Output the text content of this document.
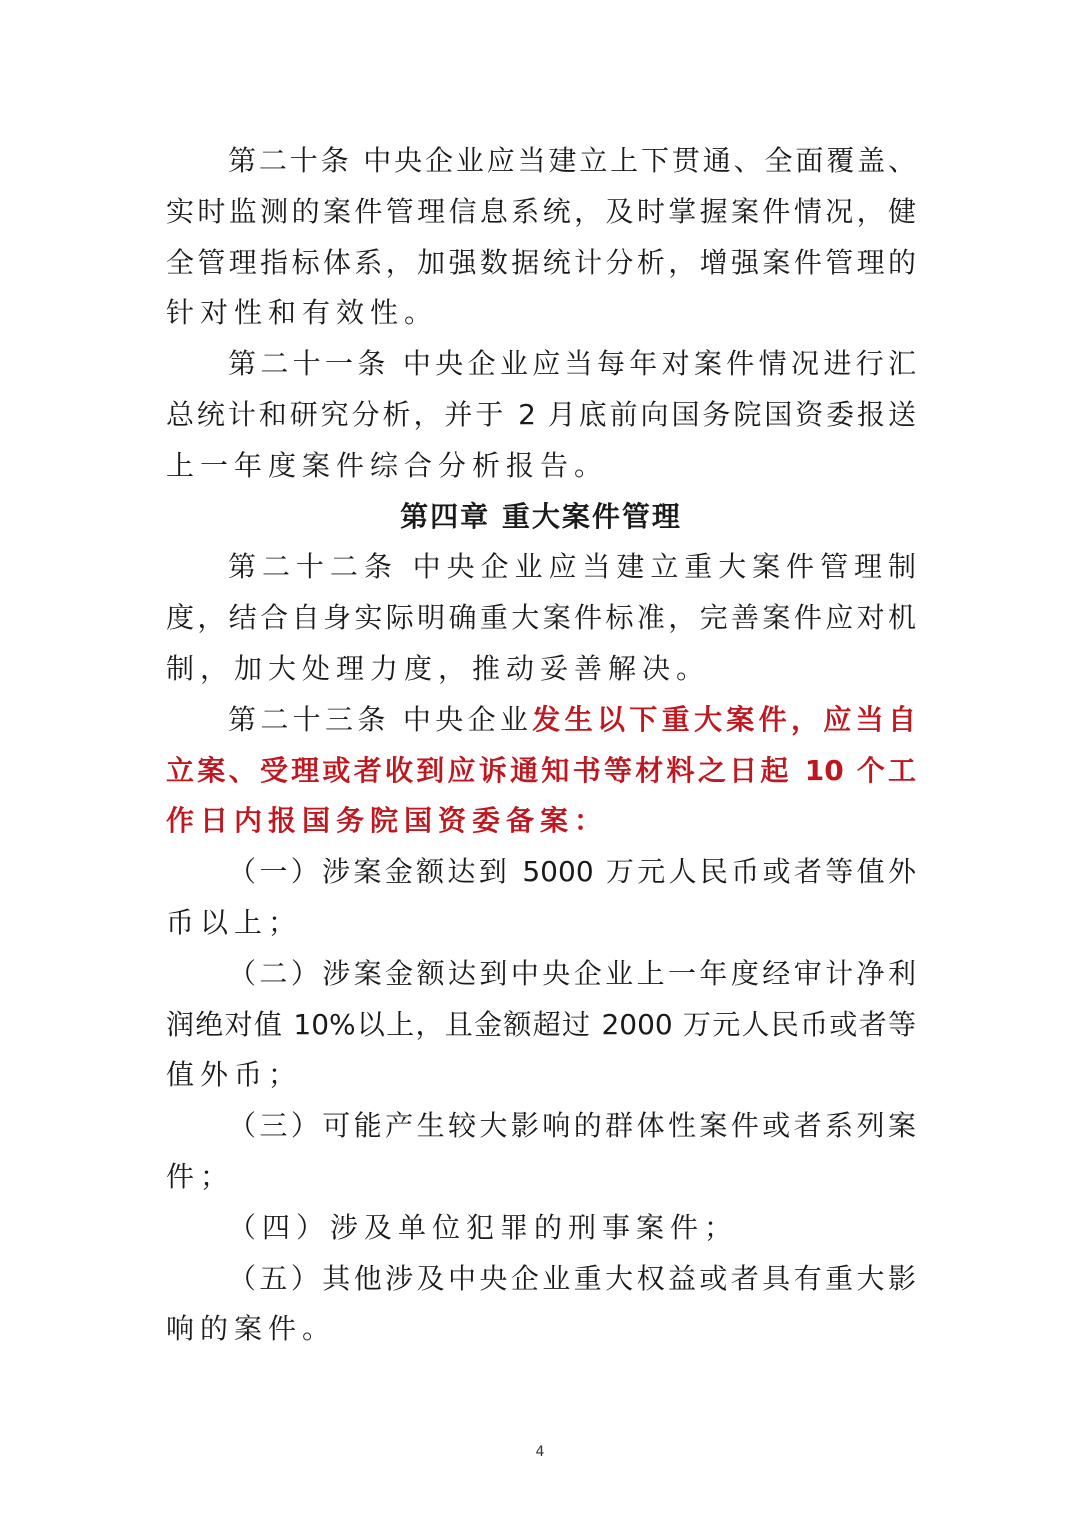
第二十条 中央企业应当建立上下贯通、全面覆盖、
实时监测的案件管理信息系统，及时掌握案件情况，健
全管理指标体系，加强数据统计分析，增强案件管理的
针对性和有效性。
第二十一条 中央企业应当每年对案件情况进行汇
总统计和研究分析，并于 2 月底前向国务院国资委报送
上一年度案件综合分析报告。
第四章 重大案件管理
第二十二条 中央企业应当建立重大案件管理制
度，结合自身实际明确重大案件标准，完善案件应对机
制，加大处理力度，推动妥善解决。
第二十三条 中央企业发生以下重大案件，应当自
立案、受理或者收到应诉通知书等材料之日起 10 个工
作日内报国务院国资委备案：
（一）涉案金额达到 5000 万元人民币或者等值外
币以上；
（二）涉案金额达到中央企业上一年度经审计净利
润绝对值 10%以上，且金额超过 2000 万元人民币或者等
值外币；
（三）可能产生较大影响的群体性案件或者系列案
件；
（四）涉及单位犯罪的刑事案件；
（五）其他涉及中央企业重大权益或者具有重大影
响的案件。
4
